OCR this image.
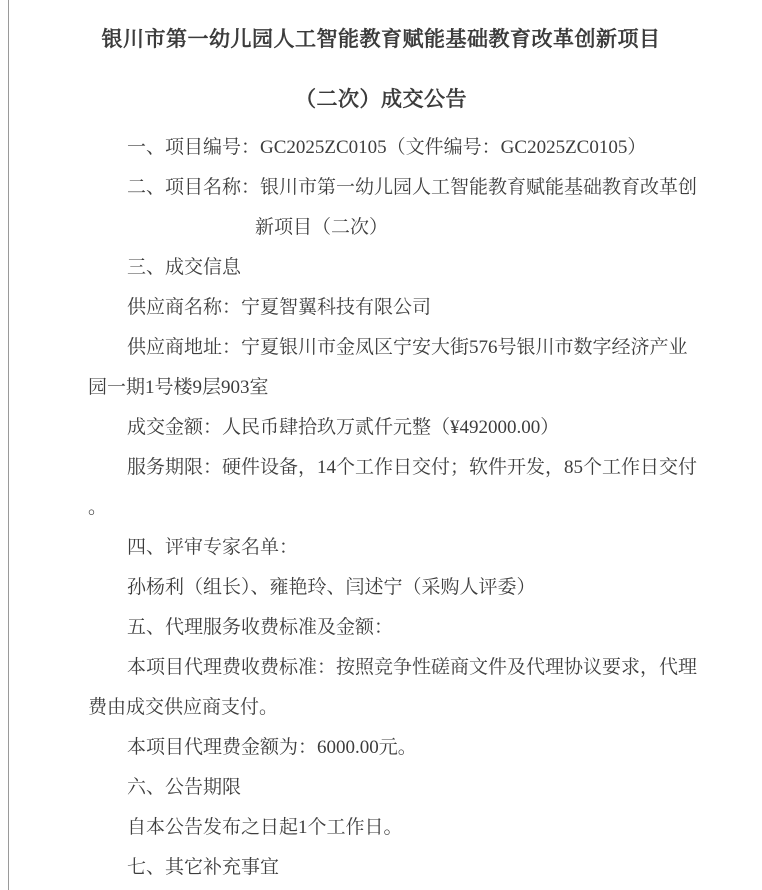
银川市第一幼儿园人工智能教育赋能基础教育改革创新项目
（二次）成交公告
一、项目编号：GC2025ZC0105（文件编号：GC2025ZC0105）
二、项目名称：银川市第一幼儿园人工智能教育赋能基础教育改革创
新项目（二次）
三、成交信息
供应商名称：宁夏智翼科技有限公司
供应商地址：宁夏银川市金凤区宁安大街576号银川市数字经济产业
园一期1号楼9层903室
成交金额：人民币肆拾玖万贰仟元整（¥492000.00）
服务期限：硬件设备，14个工作日交付；软件开发，85个工作日交付
。
四、评审专家名单：
孙杨利（组长）、雍艳玲、闫述宁（采购人评委）
五、代理服务收费标准及金额：
本项目代理费收费标准：按照竞争性磋商文件及代理协议要求，代理
费由成交供应商支付。
本项目代理费金额为：6000.00元。
六、公告期限
自本公告发布之日起1个工作日。
七、其它补充事宜
